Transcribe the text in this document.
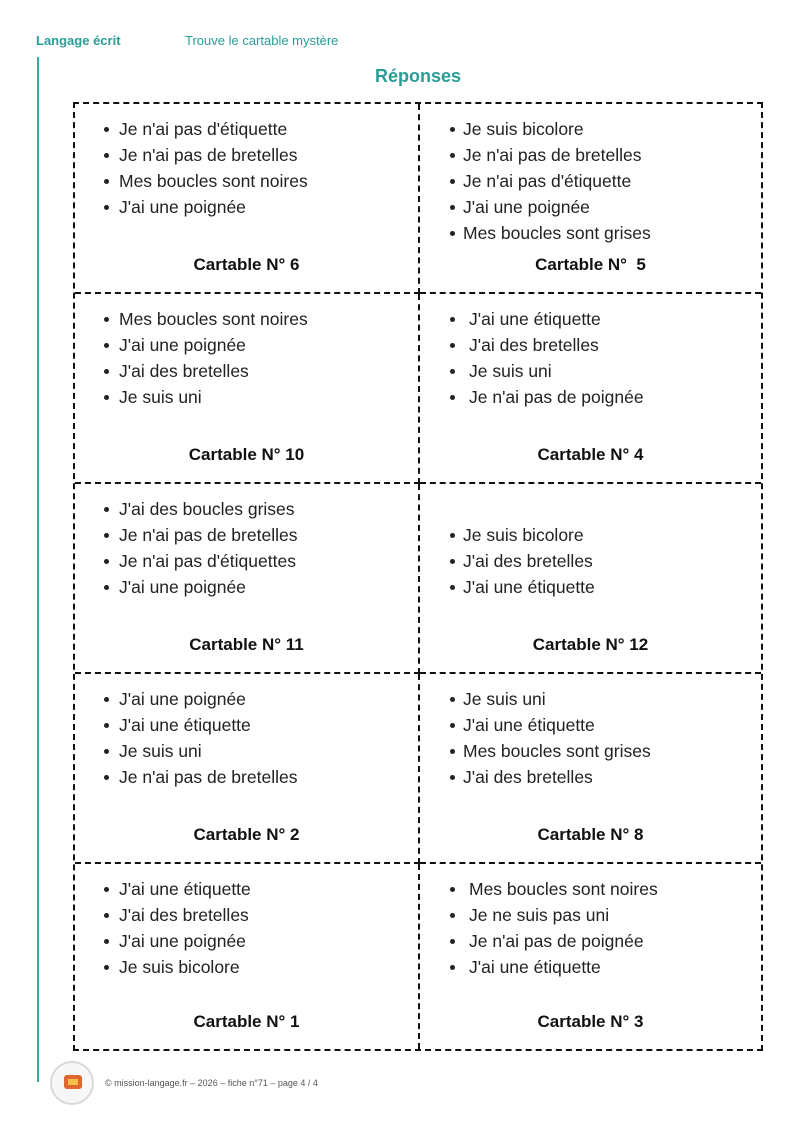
Langage écrit	Trouve le cartable mystère
Réponses
Je n'ai pas d'étiquette
Je n'ai pas de bretelles
Mes boucles sont noires
J'ai une poignée
Cartable N° 6
Je suis bicolore
Je n'ai pas de bretelles
Je n'ai pas d'étiquette
J'ai une poignée
Mes boucles sont grises
Cartable N°  5
Mes boucles sont noires
J'ai une poignée
J'ai des bretelles
Je suis uni
Cartable N° 10
J'ai une étiquette
J'ai des bretelles
Je suis uni
Je n'ai pas de poignée
Cartable N° 4
J'ai des boucles grises
Je n'ai pas de bretelles
Je n'ai pas d'étiquettes
J'ai une poignée
Cartable N° 11
Je suis bicolore
J'ai des bretelles
J'ai une étiquette
Cartable N° 12
J'ai une poignée
J'ai une étiquette
Je suis uni
Je n'ai pas de bretelles
Cartable N° 2
Je suis uni
J'ai une étiquette
Mes boucles sont grises
J'ai des bretelles
Cartable N° 8
J'ai une étiquette
J'ai des bretelles
J'ai une poignée
Je suis bicolore
Cartable N° 1
Mes boucles sont noires
Je ne suis pas uni
Je n'ai pas de poignée
J'ai une étiquette
Cartable N° 3
© mission-langage.fr – 2026 – fiche n°71 – page 4 / 4
